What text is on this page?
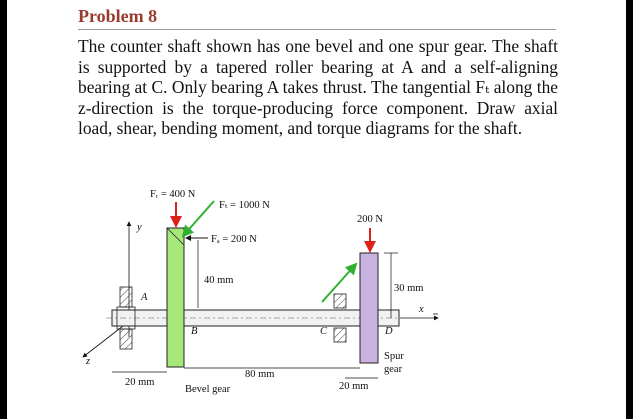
Problem 8
The counter shaft shown has one bevel and one spur gear. The shaft is supported by a tapered roller bearing at A and a self-aligning bearing at C. Only bearing A takes thrust. The tangential Fₜ along the z-direction is the torque-producing force component. Draw axial load, shear, bending moment, and torque diagrams for the shaft.
y
z
x
A
B
Fᵣ = 400 N
Fₜ = 1000 N
Fₐ = 200 N
40 mm
C	D
200 N
30 mm
20 mm
80 mm
20 mm
Bevel gear
Spur
gear
